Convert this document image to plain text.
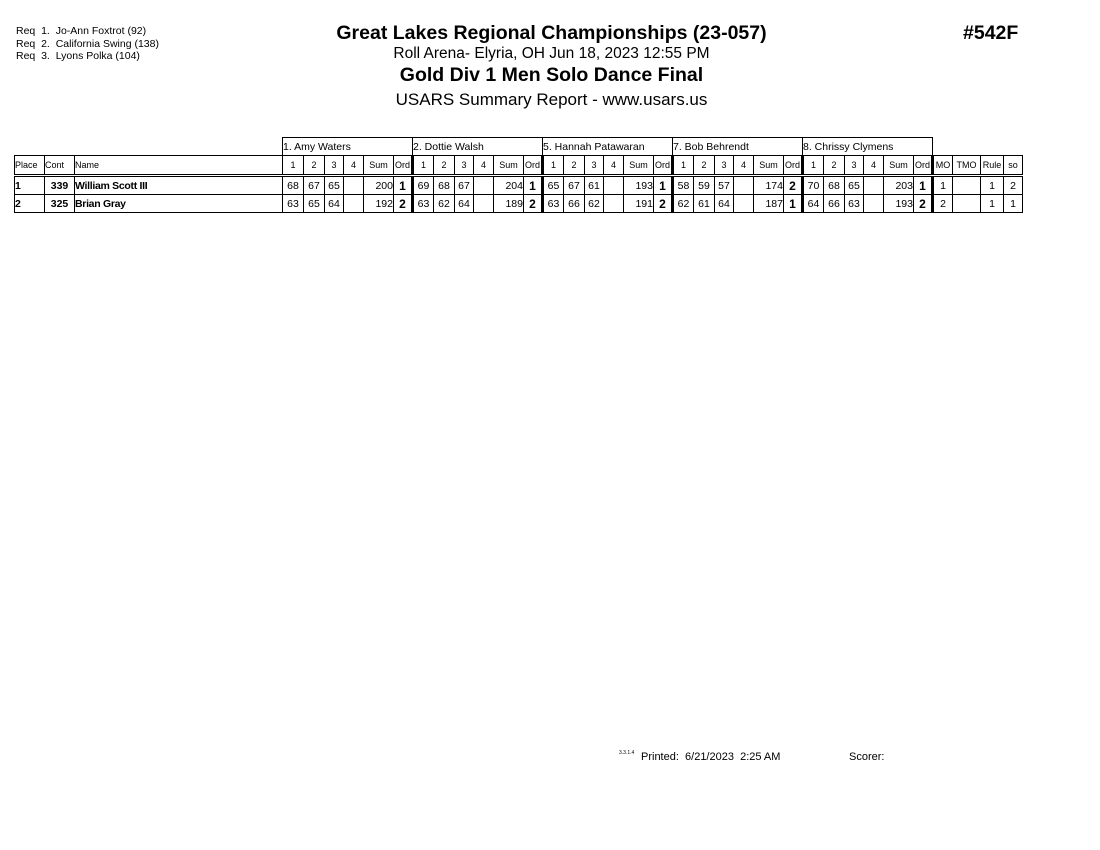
Req  1.  Jo-Ann Foxtrot (92)
Req  2.  California Swing (138)
Req  3.  Lyons Polka (104)
Great Lakes Regional Championships (23-057)
Roll Arena- Elyria, OH Jun 18, 2023 12:55 PM
Gold Div 1 Men Solo Dance Final
USARS Summary Report - www.usars.us
#542F
			1. Amy Waters						2. Dottie Walsh						5. Hannah Patawaran						7. Bob Behrendt						8. Chrissy Clymens									
Place	Cont	Name	1	2	3	4	Sum	Ord	1	2	3	4	Sum	Ord	1	2	3	4	Sum	Ord	1	2	3	4	Sum	Ord	1	2	3	4	Sum	Ord	MO	TMO	Rule	so
1	339	William Scott III	68	67	65		200	1	69	68	67		204	1	65	67	61		193	1	58	59	57		174	2	70	68	65		203	1	1		1	2
2	325	Brian Gray	63	65	64		192	2	63	62	64		189	2	63	66	62		191	2	62	61	64		187	1	64	66	63		193	2	2		1	1
3.3.1.4 Printed:  6/21/2023  2:25 AM	Scorer:
